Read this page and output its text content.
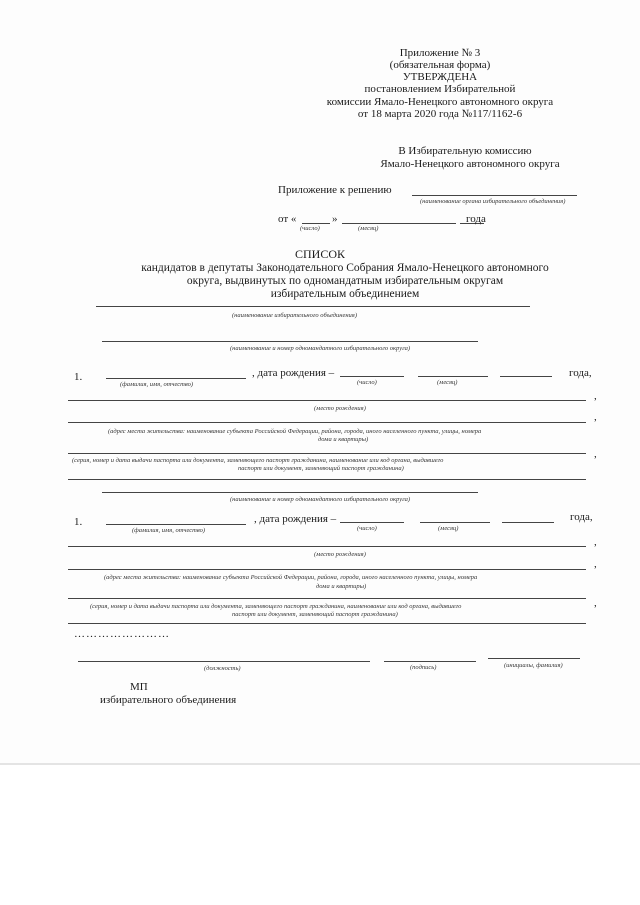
Приложение № 3
(обязательная форма)
УТВЕРЖДЕНА
постановлением Избирательной
комиссии Ямало-Ненецкого автономного округа
от 18 марта 2020 года №117/1162-6
В Избирательную комиссию
Ямало-Ненецкого автономного округа
Приложение к решению
(наименование органа избирательного объединения)
от «	»	года
(число)	(месяц)
СПИСОК
кандидатов в депутаты Законодательного Собрания Ямало-Ненецкого автономного
округа, выдвинутых по одномандатным избирательным округам
избирательным объединением
(наименование избирательного объединения)
(наименование и номер одномандатного избирательного округа)
1.
(фамилия, имя, отчество)
, дата рождения –	года,
(число)	(месяц)
,
(место рождения)
,
(адрес места жительства: наименование субъекта Российской Федерации, района, города, иного населенного пункта, улицы, номера
дома и квартиры)
,
(серия, номер и дата выдачи паспорта или документа, заменяющего паспорт гражданина, наименование или код органа, выдавшего
паспорт или документ, заменяющий паспорт гражданина)
(наименование и номер одномандатного избирательного округа)
1.
(фамилия, имя, отчество)
, дата рождения –	года,
(число)	(месяц)
,
(место рождения)
,
(адрес места жительства: наименование субъекта Российской Федерации, района, города, иного населенного пункта, улицы, номера
дома и квартиры)
,
(серия, номер и дата выдачи паспорта или документа, заменяющего паспорт гражданина, наименование или код органа, выдавшего
паспорт или документ, заменяющий паспорт гражданина)
……………………
(должность)	(подпись)	(инициалы, фамилия)
МП
избирательного объединения
